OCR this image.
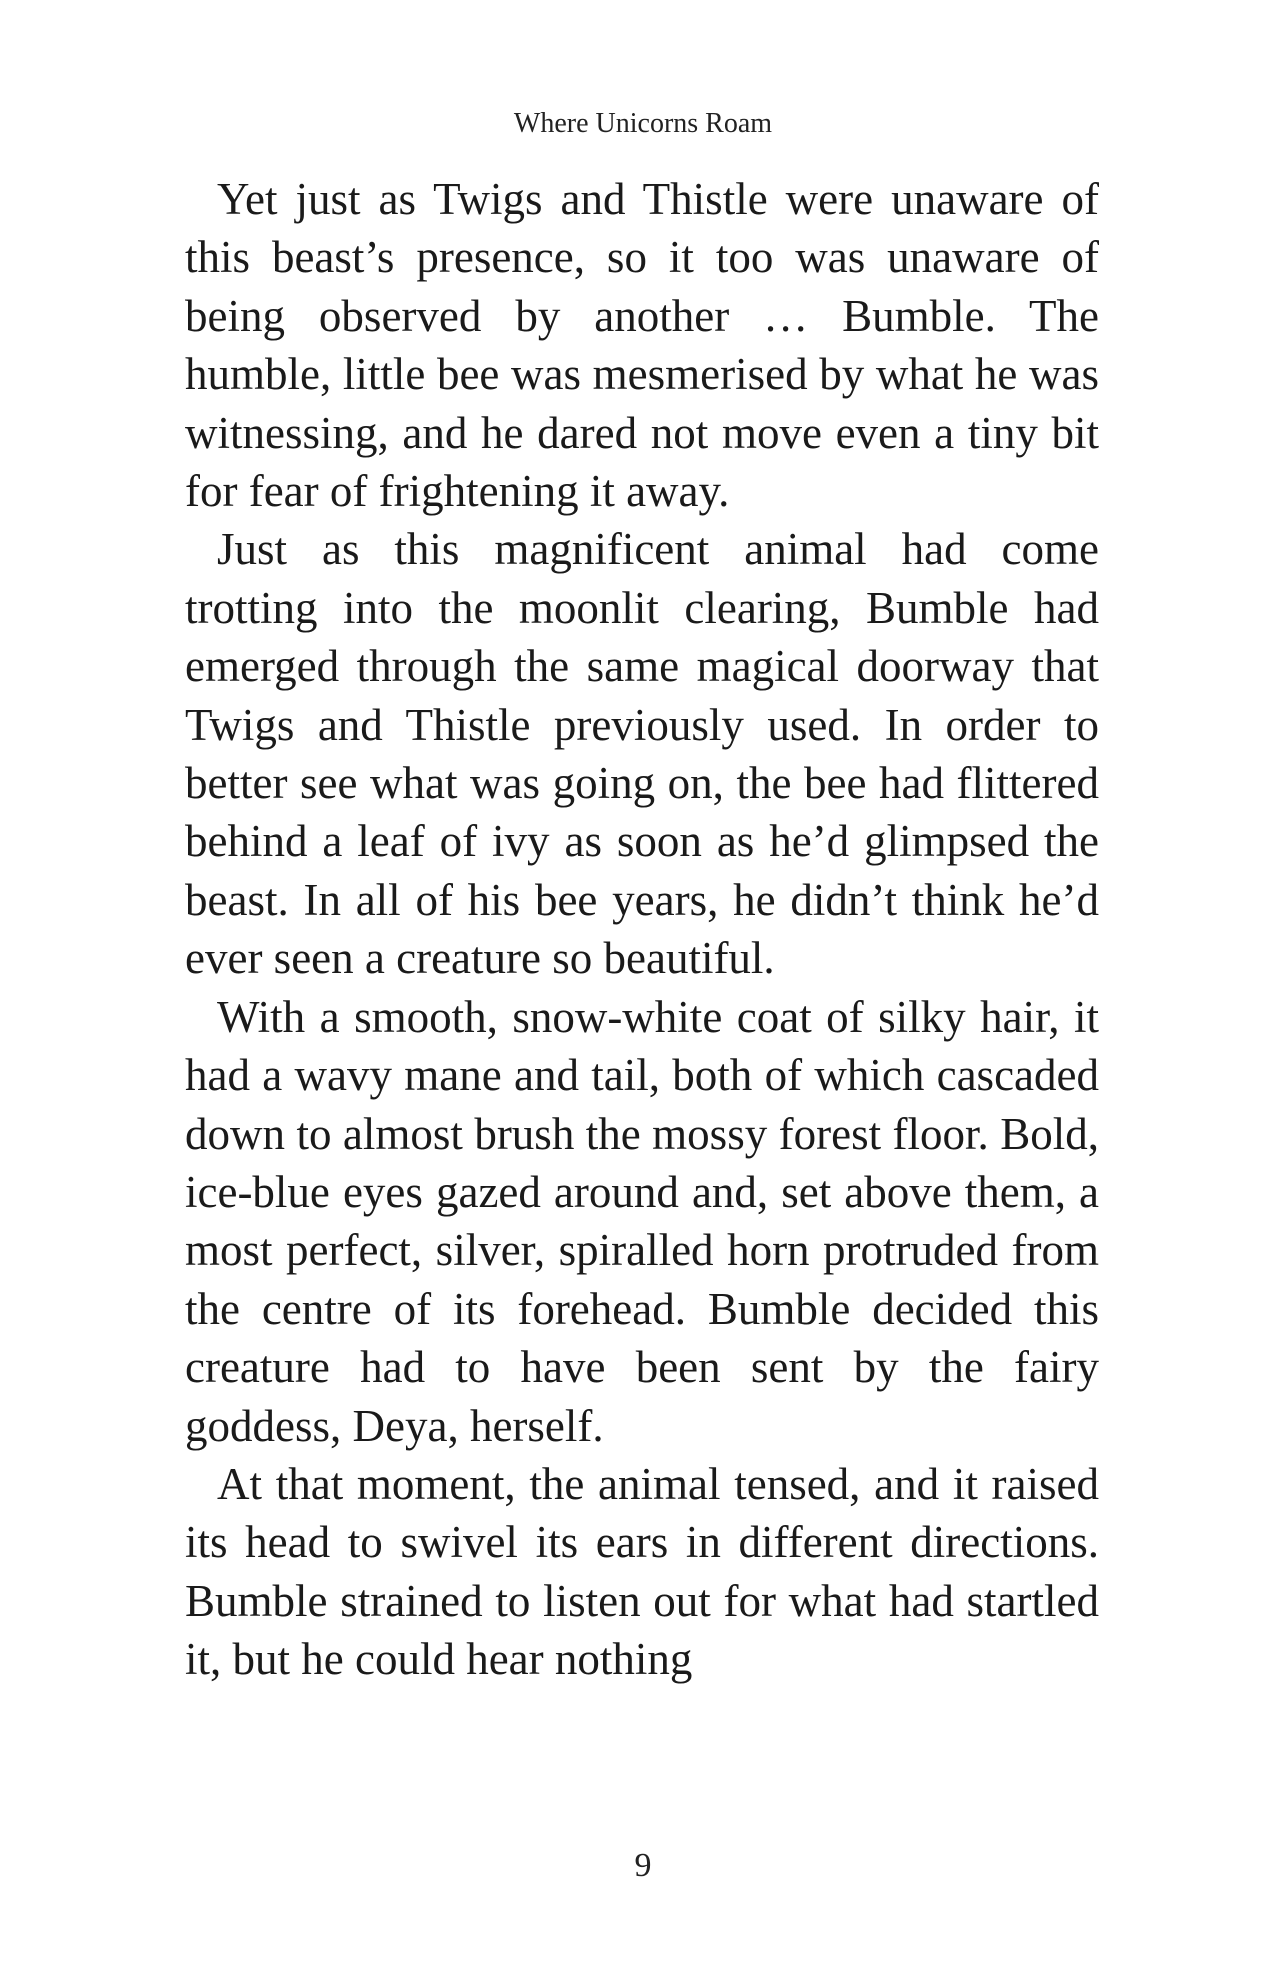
Where Unicorns Roam

Yet just as Twigs and Thistle were unaware of this beast’s presence, so it too was unaware of being observed by another … Bumble. The humble, little bee was mesmerised by what he was witnessing, and he dared not move even a tiny bit for fear of frightening it away.

Just as this magnificent animal had come trotting into the moonlit clearing, Bumble had emerged through the same magical doorway that Twigs and Thistle previously used. In order to better see what was going on, the bee had flittered behind a leaf of ivy as soon as he’d glimpsed the beast. In all of his bee years, he didn’t think he’d ever seen a creature so beautiful.

With a smooth, snow-white coat of silky hair, it had a wavy mane and tail, both of which cascaded down to almost brush the mossy forest floor. Bold, ice-blue eyes gazed around and, set above them, a most perfect, silver, spiralled horn protruded from the centre of its forehead. Bumble decided this creature had to have been sent by the fairy goddess, Deya, herself.

At that moment, the animal tensed, and it raised its head to swivel its ears in different directions. Bumble strained to listen out for what had startled it, but he could hear nothing

9
